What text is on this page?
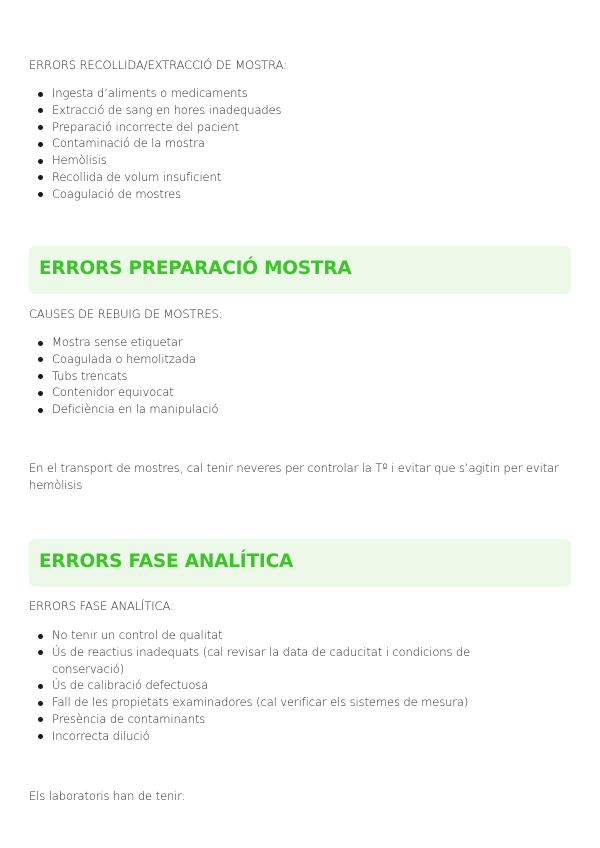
ERRORS RECOLLIDA/EXTRACCIÓ DE MOSTRA:

Ingesta d’aliments o medicaments
Extracció de sang en hores inadequades
Preparació incorrecte del pacient
Contaminació de la mostra
Hemòlisis
Recollida de volum insuficient
Coagulació de mostres
ERRORS PREPARACIÓ MOSTRA

CAUSES DE REBUIG DE MOSTRES:

Mostra sense etiquetar
Coagulada o hemolitzada
Tubs trencats
Contenidor equivocat
Deficiència en la manipulació

En el transport de mostres, cal tenir neveres per controlar la Tº i evitar que s’agitin per evitar hemòlisis

ERRORS FASE ANALÍTICA

ERRORS FASE ANALÍTICA:

No tenir un control de qualitat
Ús de reactius inadequats (cal revisar la data de caducitat i condicions de conservació)
Ús de calibració defectuosa
Fall de les propietats examinadores (cal verificar els sistemes de mesura)
Presència de contaminants
Incorrecta dilució

Els laboratoris han de tenir:
